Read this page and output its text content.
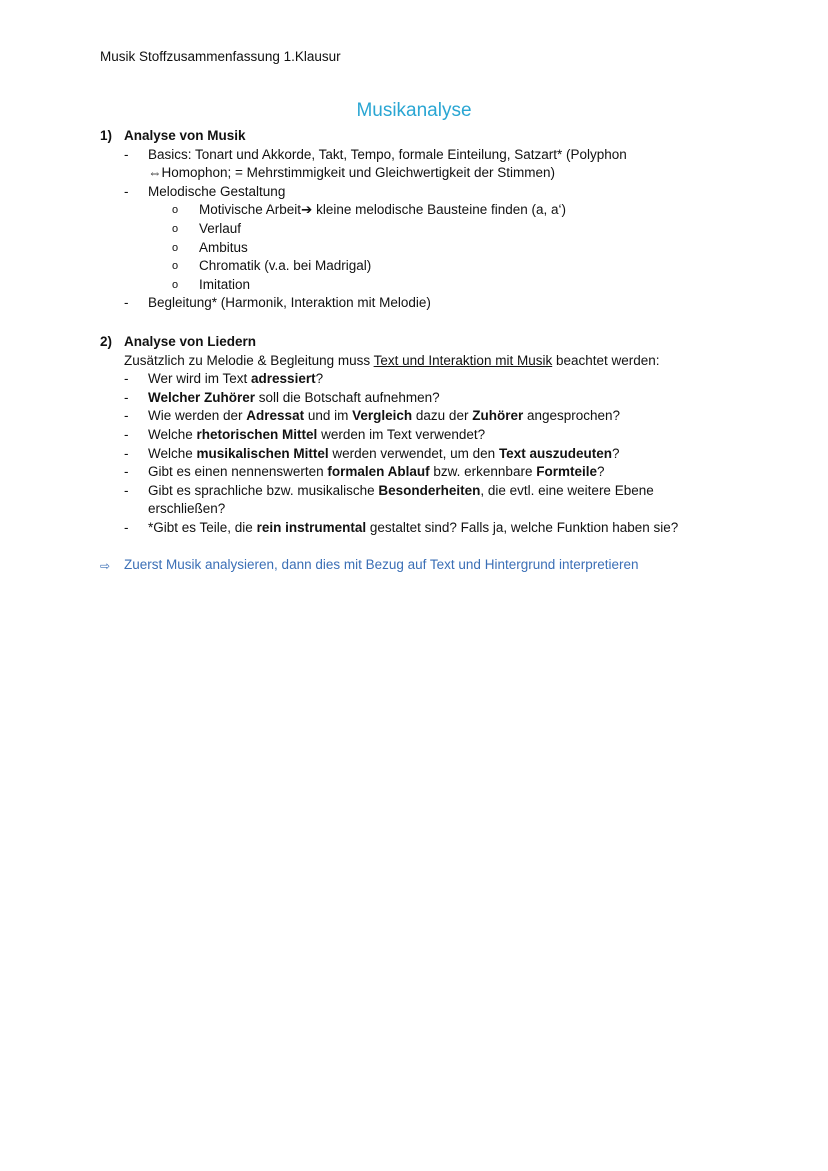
Musik Stoffzusammenfassung 1.Klausur
Musikanalyse
1) Analyse von Musik
-	Basics: Tonart und Akkorde, Takt, Tempo, formale Einteilung, Satzart* (Polyphon
⇔Homophon; = Mehrstimmigkeit und Gleichwertigkeit der Stimmen)
-	Melodische Gestaltung
o	Motivische Arbeit➔ kleine melodische Bausteine finden (a, a‘)
o	Verlauf
o	Ambitus
o	Chromatik (v.a. bei Madrigal)
o	Imitation
-	Begleitung* (Harmonik, Interaktion mit Melodie)
2) Analyse von Liedern
Zusätzlich zu Melodie & Begleitung muss Text und Interaktion mit Musik beachtet werden:
-	Wer wird im Text adressiert?
-	Welcher Zuhörer soll die Botschaft aufnehmen?
-	Wie werden der Adressat und im Vergleich dazu der Zuhörer angesprochen?
-	Welche rhetorischen Mittel werden im Text verwendet?
-	Welche musikalischen Mittel werden verwendet, um den Text auszudeuten?
-	Gibt es einen nennenswerten formalen Ablauf bzw. erkennbare Formteile?
-	Gibt es sprachliche bzw. musikalische Besonderheiten, die evtl. eine weitere Ebene erschließen?
-	*Gibt es Teile, die rein instrumental gestaltet sind? Falls ja, welche Funktion haben sie?
⇨	Zuerst Musik analysieren, dann dies mit Bezug auf Text und Hintergrund interpretieren
